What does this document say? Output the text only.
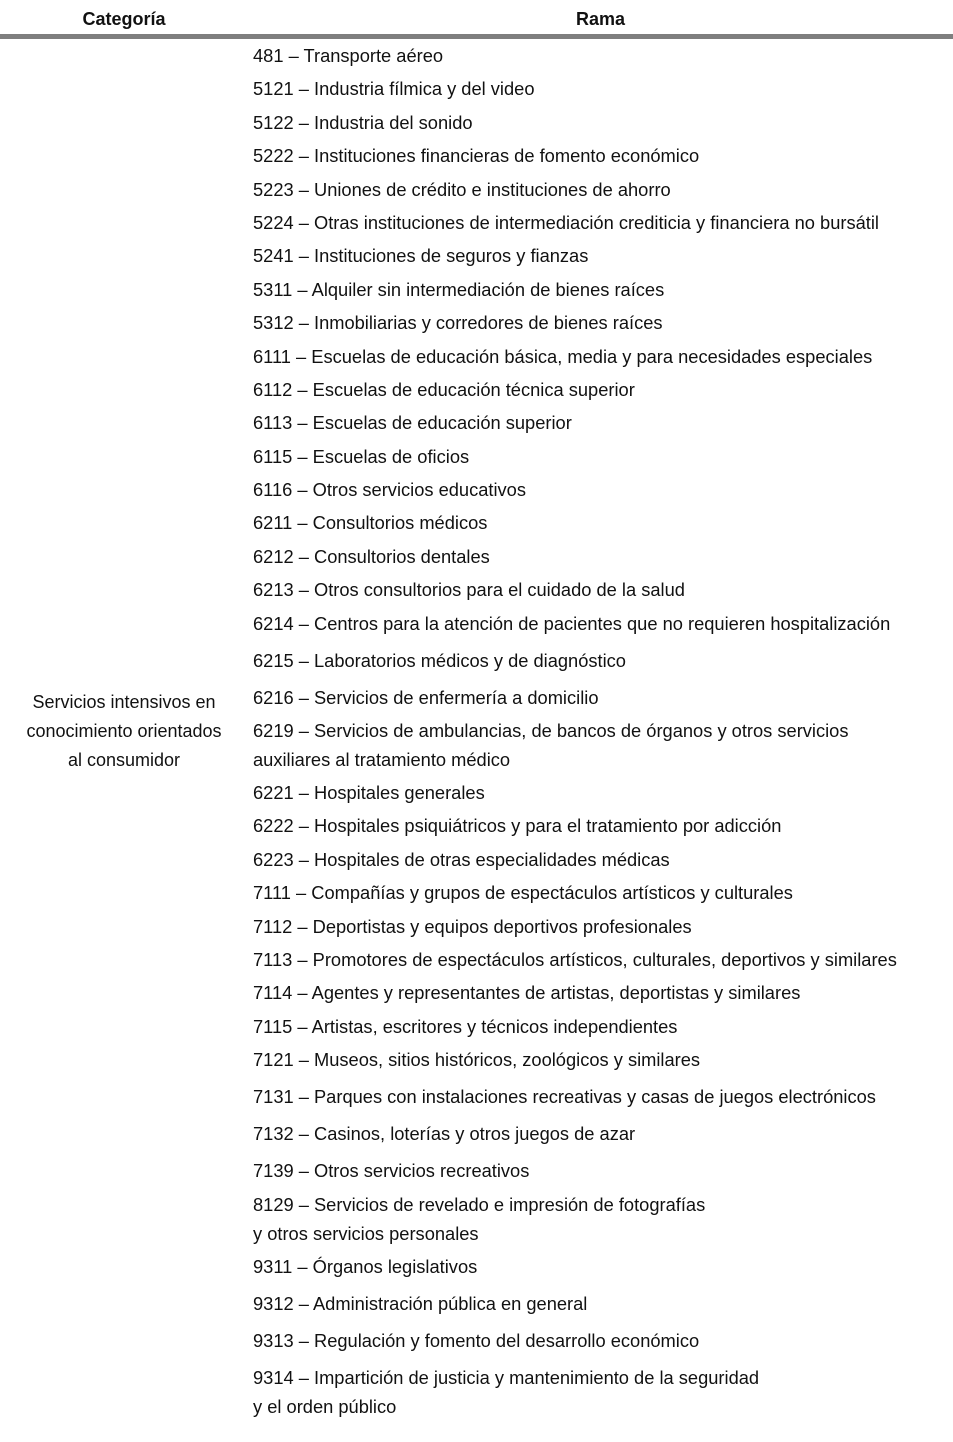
Categoría	Rama
Servicios intensivos en
conocimiento orientados
al consumidor
481 – Transporte aéreo
5121 – Industria fílmica y del video
5122 – Industria del sonido
5222 – Instituciones financieras de fomento económico
5223 – Uniones de crédito e instituciones de ahorro
5224 – Otras instituciones de intermediación crediticia y financiera no bursátil
5241 – Instituciones de seguros y fianzas
5311 – Alquiler sin intermediación de bienes raíces
5312 – Inmobiliarias y corredores de bienes raíces
6111 – Escuelas de educación básica, media y para necesidades especiales
6112 – Escuelas de educación técnica superior
6113 – Escuelas de educación superior
6115 – Escuelas de oficios
6116 – Otros servicios educativos
6211 – Consultorios médicos
6212 – Consultorios dentales
6213 – Otros consultorios para el cuidado de la salud
6214 – Centros para la atención de pacientes que no requieren hospitalización
6215 – Laboratorios médicos y de diagnóstico
6216 – Servicios de enfermería a domicilio
6219 – Servicios de ambulancias, de bancos de órganos y otros servicios
auxiliares al tratamiento médico
6221 – Hospitales generales
6222 – Hospitales psiquiátricos y para el tratamiento por adicción
6223 – Hospitales de otras especialidades médicas
7111 – Compañías y grupos de espectáculos artísticos y culturales
7112 – Deportistas y equipos deportivos profesionales
7113 – Promotores de espectáculos artísticos, culturales, deportivos y similares
7114 – Agentes y representantes de artistas, deportistas y similares
7115 – Artistas, escritores y técnicos independientes
7121 – Museos, sitios históricos, zoológicos y similares
7131 – Parques con instalaciones recreativas y casas de juegos electrónicos
7132 – Casinos, loterías y otros juegos de azar
7139 – Otros servicios recreativos
8129 – Servicios de revelado e impresión de fotografías
y otros servicios personales
9311 – Órganos legislativos
9312 – Administración pública en general
9313 – Regulación y fomento del desarrollo económico
9314 – Impartición de justicia y mantenimiento de la seguridad
y el orden público
